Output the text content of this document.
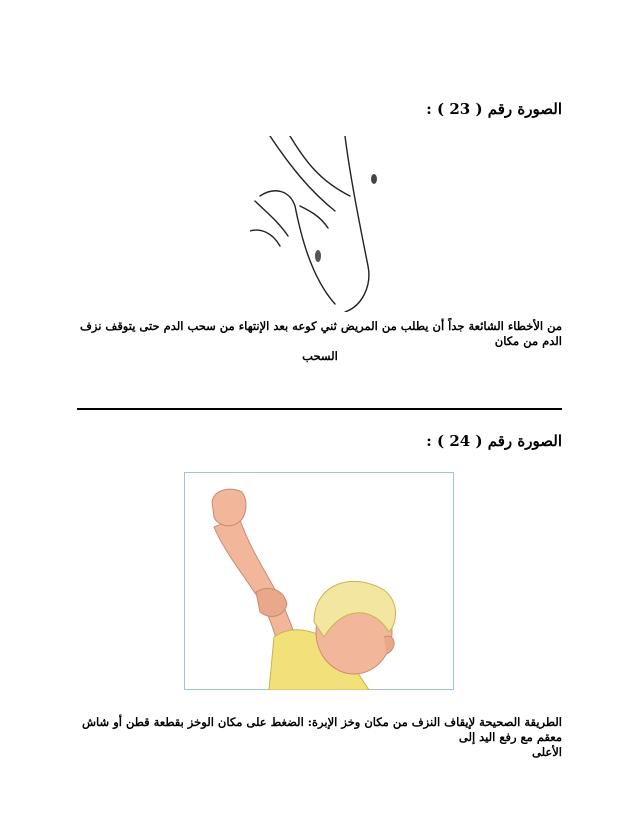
الصورة رقم ( 23 ) :
من الأخطاء الشائعة جداً أن يطلب من المريض ثني كوعه بعد الإنتهاء من سحب الدم حتى يتوقف نزف الدم من مكان
السحب
الصورة رقم ( 24 ) :
الطريقة الصحيحة لإيقاف النزف من مكان وخز الإبرة: الضغط على مكان الوخز بقطعة قطن أو شاش معقم مع رفع اليد إلى
الأعلى
